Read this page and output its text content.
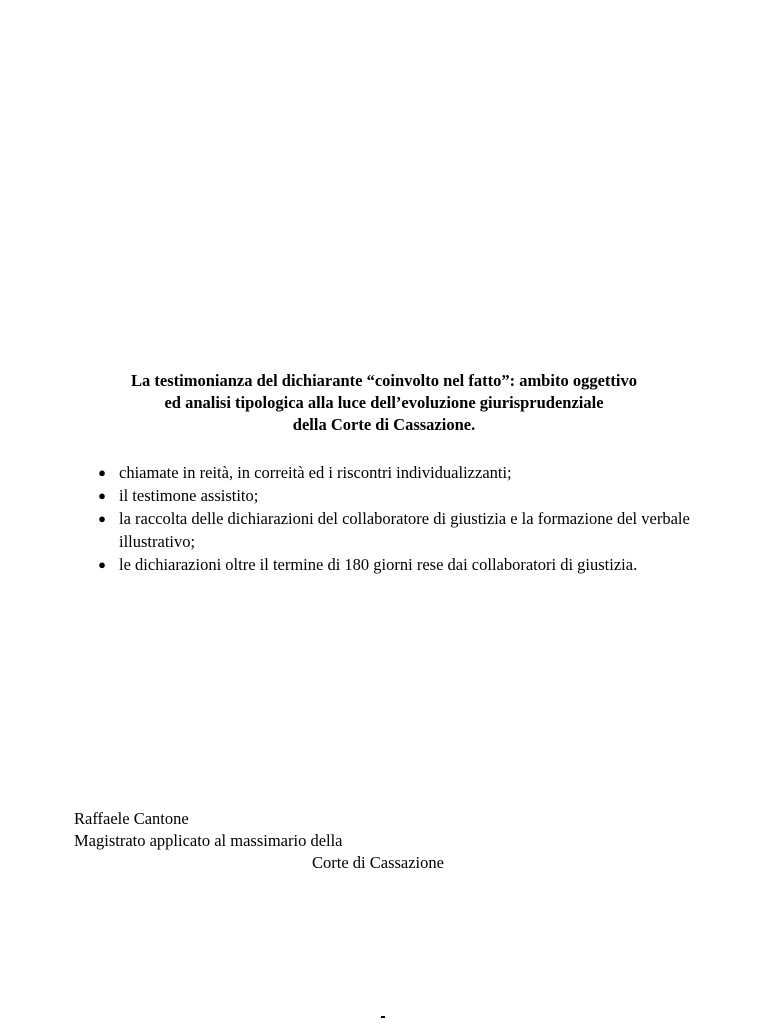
La testimonianza del dichiarante “coinvolto nel fatto”: ambito oggettivo
ed analisi tipologica alla luce dell’evoluzione giurisprudenziale
della Corte di Cassazione.
● chiamate in reità, in correità ed i riscontri individualizzanti;
● il testimone assistito;
● la raccolta delle dichiarazioni del collaboratore di giustizia e la formazione del verbale illustrativo;
● le dichiarazioni oltre il termine di 180 giorni rese dai collaboratori di giustizia.
Raffaele Cantone
Magistrato applicato al massimario della
Corte di Cassazione
